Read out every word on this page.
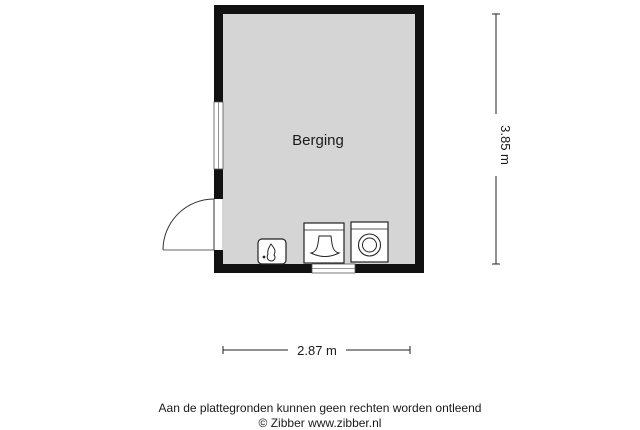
Berging	3.85 m
2.87 m
Aan de plattegronden kunnen geen rechten worden ontleend
© Zibber www.zibber.nl
